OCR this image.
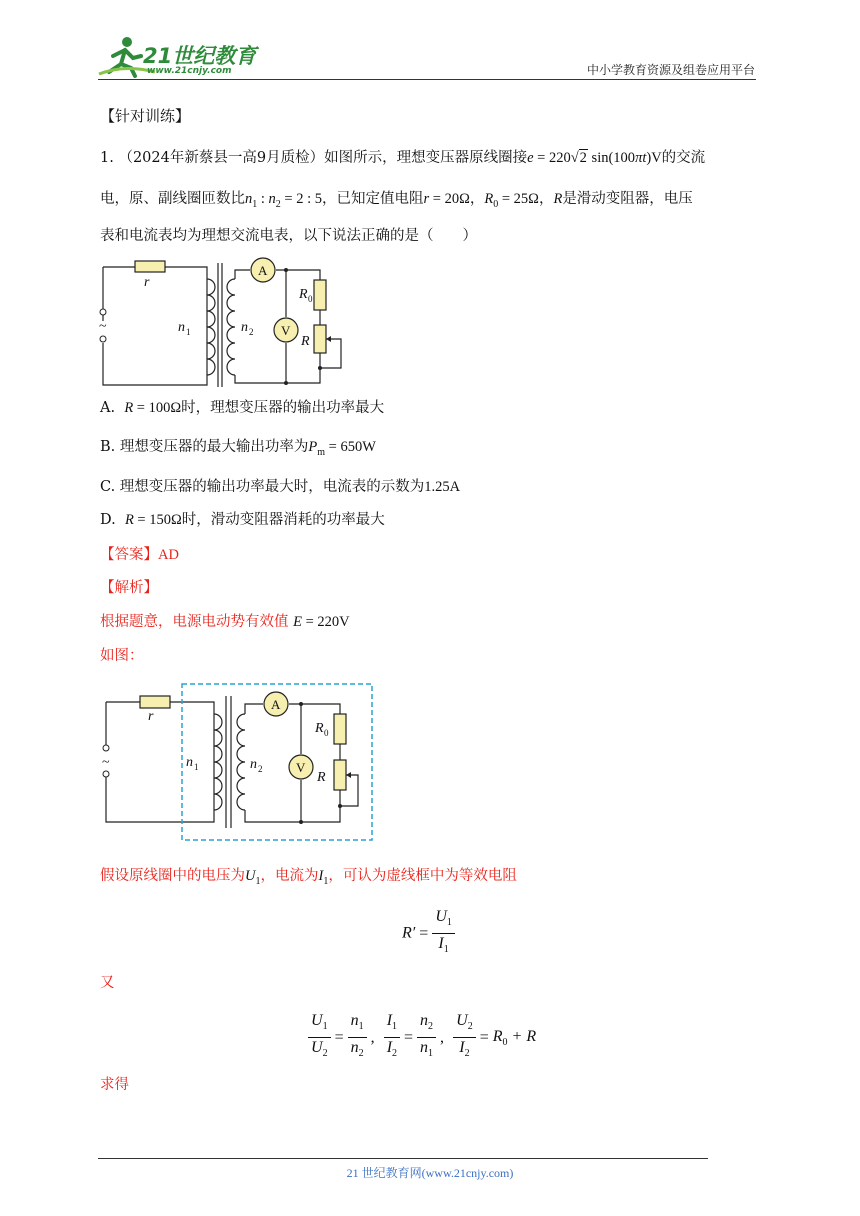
21世纪教育
www.21cnjy.com	中小学教育资源及组卷应用平台
【针对训练】
1. （2024年新蔡县一高9月质检）如图所示，理想变压器原线圈接e = 220√2 sin(100πt)V的交流
电，原、副线圈匝数比$n_1$ : $n_2 = 2$ : 5，已知定值电阻r = 20Ω，$R_0 = 25\Omega$，R是滑动变阻器，电压
表和电流表均为理想交流电表，以下说法正确的是（　　）
~
r
n 1	n 2
A
V
R 0
R
A. R = 100Ω时，理想变压器的输出功率最大
B. 理想变压器的最大输出功率为$P_m = 650W$
C. 理想变压器的输出功率最大时，电流表的示数为1.25A
D. R = 150Ω时，滑动变阻器消耗的功率最大
【答案】AD
【解析】
根据题意，电源电动势有效值 E = 220V
如图：
~
r
n 1	n 2
A
V
R 0
R
假设原线圈中的电压为$U_1$，电流为$I_1$，可认为虚线框中为等效电阻
$R' = \frac{U_1}{I_1}$
又
$\frac{U_1}{U_2} = \frac{n_1}{n_2}$ , $\frac{I_1}{I_2} = \frac{n_2}{n_1}$ , $\frac{U_2}{I_2} = R_0 + R$
求得
21 世纪教育网(www.21cnjy.com)
